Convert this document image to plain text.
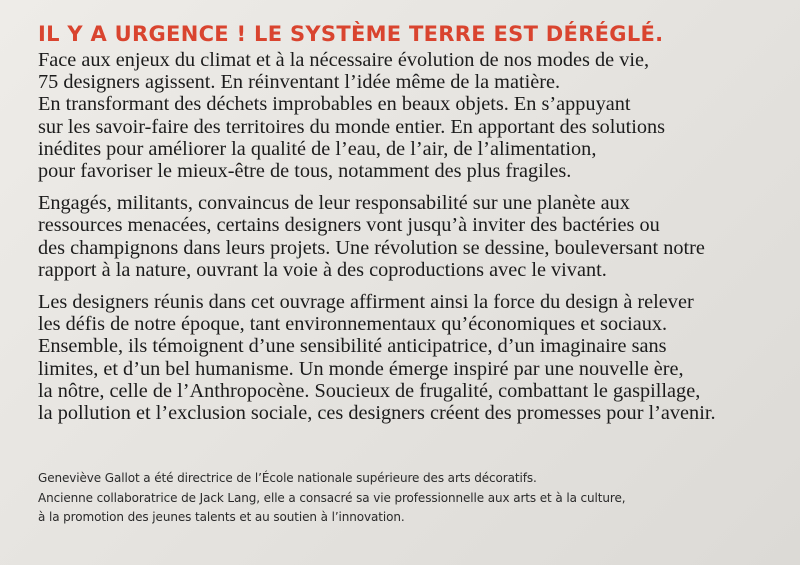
IL Y A URGENCE ! LE SYSTÈME TERRE EST DÉRÉGLÉ.

Face aux enjeux du climat et à la nécessaire évolution de nos modes de vie,
75 designers agissent. En réinventant l’idée même de la matière.
En transformant des déchets improbables en beaux objets. En s’appuyant
sur les savoir-faire des territoires du monde entier. En apportant des solutions
inédites pour améliorer la qualité de l’eau, de l’air, de l’alimentation,
pour favoriser le mieux-être de tous, notamment des plus fragiles.

Engagés, militants, convaincus de leur responsabilité sur une planète aux
ressources menacées, certains designers vont jusqu’à inviter des bactéries ou
des champignons dans leurs projets. Une révolution se dessine, bouleversant notre
rapport à la nature, ouvrant la voie à des coproductions avec le vivant.

Les designers réunis dans cet ouvrage affirment ainsi la force du design à relever
les défis de notre époque, tant environnementaux qu’économiques et sociaux.
Ensemble, ils témoignent d’une sensibilité anticipatrice, d’un imaginaire sans
limites, et d’un bel humanisme. Un monde émerge inspiré par une nouvelle ère,
la nôtre, celle de l’Anthropocène. Soucieux de frugalité, combattant le gaspillage,
la pollution et l’exclusion sociale, ces designers créent des promesses pour l’avenir.

Geneviève Gallot a été directrice de l’École nationale supérieure des arts décoratifs.
Ancienne collaboratrice de Jack Lang, elle a consacré sa vie professionnelle aux arts et à la culture,
à la promotion des jeunes talents et au soutien à l’innovation.
